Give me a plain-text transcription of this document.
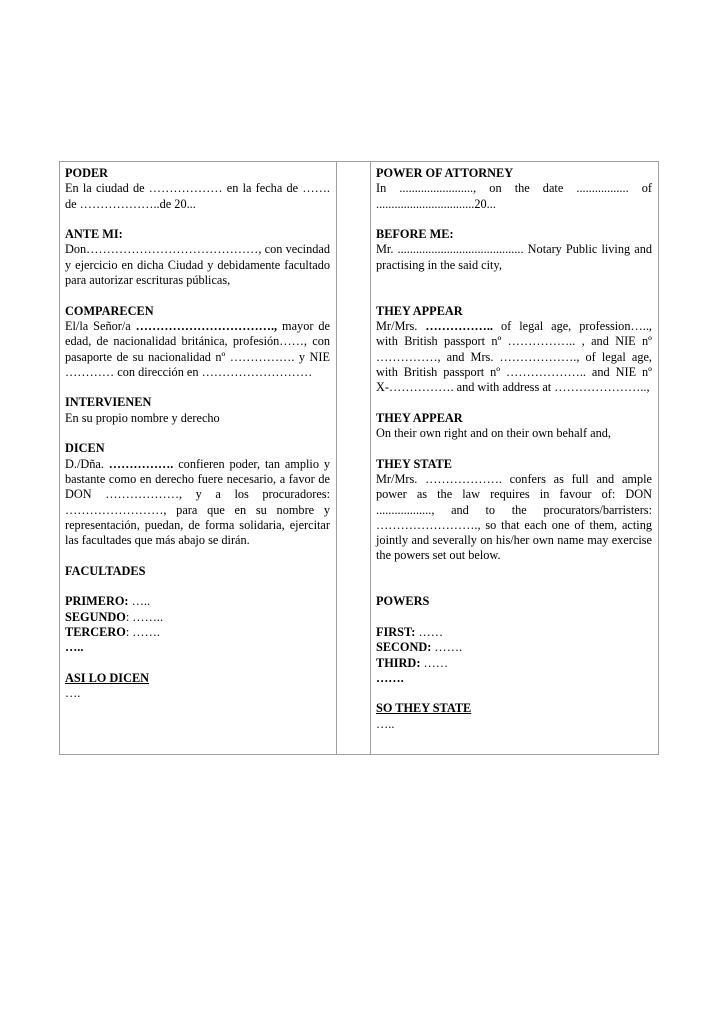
PODER

En la ciudad de ……………… en la fecha de ……. de ………………..de 20...

ANTE MI:

Don……………………………………, con vecindad y ejercicio en dicha Ciudad y debidamente facultado para autorizar escrituras públicas,

COMPARECEN

El/la Señor/a ……………………………., mayor de edad, de nacionalidad británica, profesión……, con pasaporte de su nacionalidad nº ……………. y NIE ………… con dirección en ………………………

INTERVIENEN

En su propio nombre y derecho

DICEN

D./Dña. ……………. confieren poder, tan amplio y bastante como en derecho fuere necesario, a favor de DON ………………, y a los procuradores: ……………………, para que en su nombre y representación, puedan, de forma solidaria, ejercitar las facultades que más abajo se dirán.

FACULTADES

PRIMERO: …..

SEGUNDO: ……..

TERCERO: …….

…..

ASI LO DICEN

….

POWER OF ATTORNEY

In ........................, on the date ................. of ................................20...

BEFORE ME:

Mr. ......................................... Notary Public living and practising in the said city,

THEY APPEAR

Mr/Mrs. …………….. of legal age, profession….., with British passport nº …………….. , and NIE nº ……………, and Mrs. ………………., of legal age, with British passport nº ……………….. and NIE nº X-……………. and with address at …………………..,

THEY APPEAR

On their own right and on their own behalf and,

THEY STATE

Mr/Mrs. ………………. confers as full and ample power as the law requires in favour of: DON .................., and to the procurators/barristers: ……………………., so that each one of them, acting jointly and severally on his/her own name may exercise the powers set out below.

POWERS

FIRST: ……

SECOND: …….

THIRD: ……

…….

SO THEY STATE

…..
